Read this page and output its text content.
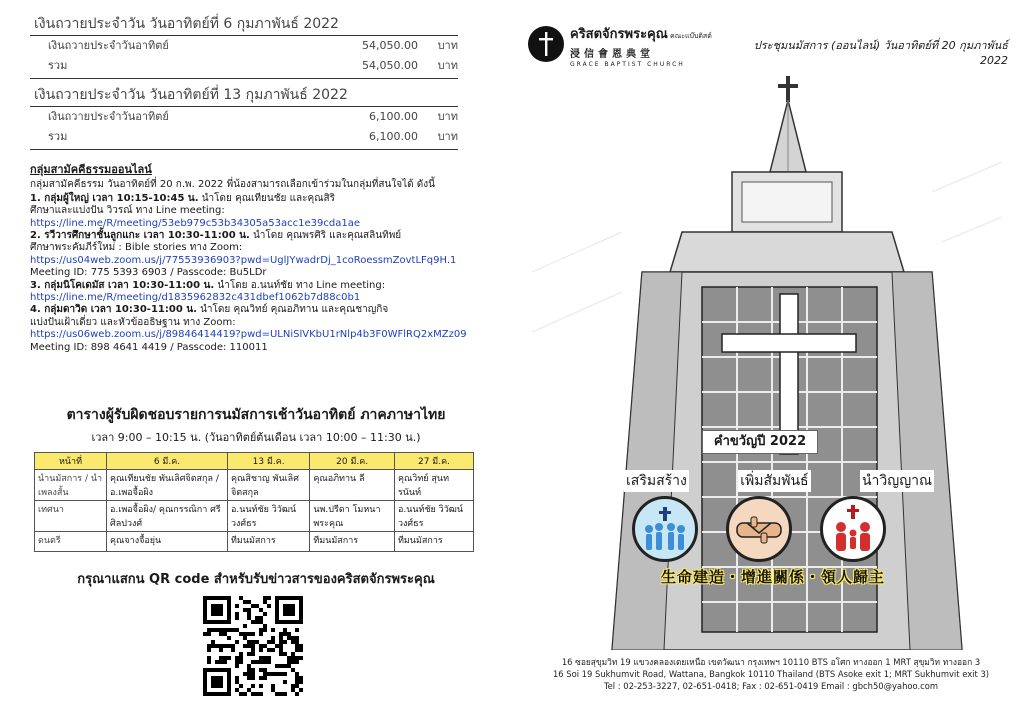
เงินถวายประจำวัน วันอาทิตย์ที่ 6 กุมภาพันธ์ 2022
เงินถวายประจำวันอาทิตย์	54,050.00	บาท
รวม	54,050.00	บาท
เงินถวายประจำวัน วันอาทิตย์ที่ 13 กุมภาพันธ์ 2022
เงินถวายประจำวันอาทิตย์	6,100.00	บาท
รวม	6,100.00	บาท
กลุ่มสามัคคีธรรมออนไลน์
กลุ่มสามัคคีธรรม วันอาทิตย์ที่ 20 ก.พ. 2022 พี่น้องสามารถเลือกเข้าร่วมในกลุ่มที่สนใจได้ ดังนี้
1. กลุ่มผู้ใหญ่ เวลา 10:15-10:45 น. นำโดย คุณเทียนชัย และคุณสิริ
ศึกษาและแบ่งปัน วิวรณ์ ทาง Line meeting:
https://line.me/R/meeting/53eb979c53b34305a53acc1e39cda1ae
2. รวีวารศึกษาชั้นลูกแกะ เวลา 10:30-11:00 น. นำโดย คุณพรศิริ และคุณสลินทิพย์
ศึกษาพระคัมภีร์ใหม่ : Bible stories ทาง Zoom:
https://us04web.zoom.us/j/77553936903?pwd=UglJYwadrDj_1coRoessmZovtLFq9H.1
Meeting ID: 775 5393 6903 / Passcode: Bu5LDr
3. กลุ่มนิโคเดมัส เวลา 10:30-11:00 น. นำโดย อ.นนท์ชัย ทาง Line meeting:
https://line.me/R/meeting/d1835962832c431dbef1062b7d88c0b1
4. กลุ่มดาวิด เวลา 10:30-11:00 น. นำโดย คุณวิทย์ คุณอภิทาน และคุณชาญกิจ
แบ่งปันเฝ้าเดี่ยว และหัวข้ออธิษฐาน ทาง Zoom:
https://us06web.zoom.us/j/89846414419?pwd=ULNiSlVKbU1rNlp4b3F0WFlRQ2xMZz09
Meeting ID: 898 4641 4419 / Passcode: 110011
ตารางผู้รับผิดชอบรายการนมัสการเช้าวันอาทิตย์ ภาคภาษาไทย
เวลา 9:00 – 10:15 น. (วันอาทิตย์ต้นเดือน เวลา 10:00 – 11:30 น.)
หน้าที่	6 มี.ค.	13 มี.ค.	20 มี.ค.	27 มี.ค.
นำนมัสการ / นำเพลงสั้น	คุณเทียนชัย พันเลิศจิตสกุล /อ.เพอจื้อผิง	คุณสิชาญ พันเลิศจิตสกุล	คุณอภิทาน ลี	คุณวิทย์ สุนทรนันท์
เทศนา	อ.เพอจื้อผิง/ คุณกรรณิกา ศรีศิลปวงศ์	อ.นนท์ชัย วิวัฒน์วงศ์ธร	นพ.ปรีดา โมหนาพระคุณ	อ.นนท์ชัย วิวัฒน์วงศ์ธร
ดนตรี	คุณจางจื้อยุ่น	ทีมนมัสการ	ทีมนมัสการ	ทีมนมัสการ
กรุณาแสกน QR code สำหรับรับข่าวสารของคริสตจักรพระคุณ
คริสตจักรพระคุณ คณะแบ๊บติสต์
浸信會恩典堂
GRACE BAPTIST CHURCH
ประชุมนมัสการ (ออนไลน์) วันอาทิตย์ที่ 20 กุมภาพันธ์ 2022
คำขวัญปี 2022
เสริมสร้าง	เพิ่มสัมพันธ์	นำวิญญาณ
生命建造・增進關係・領人歸主
16 ซอยสุขุมวิท 19 แขวงคลองเตยเหนือ เขตวัฒนา กรุงเทพฯ 10110 BTS อโศก ทางออก 1 MRT สุขุมวิท ทางออก 3
16 Soi 19 Sukhumvit Road, Wattana, Bangkok 10110 Thailand (BTS Asoke exit 1; MRT Sukhumvit exit 3)
Tel : 02-253-3227, 02-651-0418; Fax : 02-651-0419 Email : gbch50@yahoo.com
